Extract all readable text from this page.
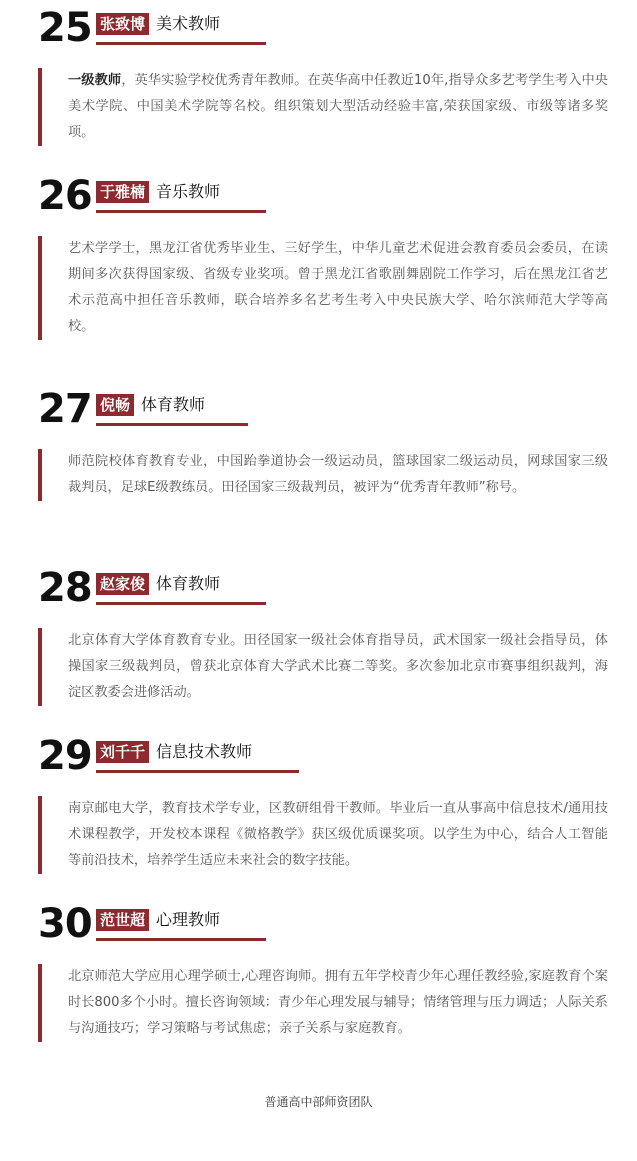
25 张致博 美术教师

一级教师，英华实验学校优秀青年教师。在英华高中任教近10年,指导众多艺考学生考入中央美术学院、中国美术学院等名校。组织策划大型活动经验丰富,荣获国家级、市级等诸多奖项。

26 于雅楠 音乐教师

艺术学学士，黑龙江省优秀毕业生、三好学生，中华儿童艺术促进会教育委员会委员，在读期间多次获得国家级、省级专业奖项。曾于黑龙江省歌剧舞剧院工作学习，后在黑龙江省艺术示范高中担任音乐教师，联合培养多名艺考生考入中央民族大学、哈尔滨师范大学等高校。

27 倪畅 体育教师

师范院校体育教育专业，中国跆拳道协会一级运动员，篮球国家二级运动员，网球国家三级裁判员，足球E级教练员。田径国家三级裁判员，被评为“优秀青年教师”称号。

28 赵家俊 体育教师

北京体育大学体育教育专业。田径国家一级社会体育指导员，武术国家一级社会指导员，体操国家三级裁判员，曾获北京体育大学武术比赛二等奖。多次参加北京市赛事组织裁判，海淀区教委会进修活动。

29 刘千千 信息技术教师

南京邮电大学，教育技术学专业，区教研组骨干教师。毕业后一直从事高中信息技术/通用技术课程教学，开发校本课程《微格教学》获区级优质课奖项。以学生为中心，结合人工智能等前沿技术，培养学生适应未来社会的数字技能。

30 范世超 心理教师

北京师范大学应用心理学硕士,心理咨询师。拥有五年学校青少年心理任教经验,家庭教育个案时长800多个小时。擅长咨询领域：青少年心理发展与辅导；情绪管理与压力调适；人际关系与沟通技巧；学习策略与考试焦虑；亲子关系与家庭教育。

普通高中部师资团队
